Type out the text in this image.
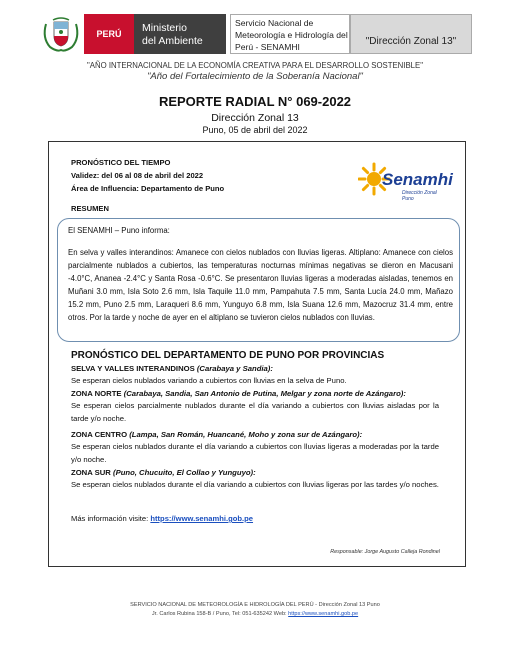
PERÚ	Ministerio
del Ambiente
Servicio Nacional de
Meteorología e Hidrología del
Perú - SENAMHI	"Dirección Zonal 13"
"AÑO INTERNACIONAL DE LA ECONOMÍA CREATIVA PARA EL DESARROLLO SOSTENIBLE"
"Año del Fortalecimiento de la Soberanía Nacional"
REPORTE RADIAL N° 069-2022
Dirección Zonal 13
Puno, 05 de abril del 2022
PRONÓSTICO DEL TIEMPO
Validez: del 06 al 08 de abril del 2022
Área de Influencia: Departamento de Puno
RESUMEN
Senamhi
Dirección Zonal Puno
El SENAMHI – Puno informa:
En selva y valles interandinos: Amanece con cielos nublados con lluvias ligeras. Altiplano: Amanece con cielos parcialmente nublados a cubiertos, las temperaturas nocturnas mínimas negativas se dieron en Macusani -4.0°C, Ananea -2.4°C y Santa Rosa -0.6°C. Se presentaron lluvias ligeras a moderadas aisladas, tenemos en Muñani 3.0 mm, Isla Soto 2.6 mm, Isla Taquile 11.0 mm, Pampahuta 7.5 mm, Santa Lucía 24.0 mm, Mañazo 15.2 mm, Puno 2.5 mm, Laraqueri 8.6 mm, Yunguyo 6.8 mm, Isla Suana 12.6 mm, Mazocruz 31.4 mm, entre otros. Por la tarde y noche de ayer en el altiplano se tuvieron cielos nublados con lluvias.
PRONÓSTICO DEL DEPARTAMENTO DE PUNO POR PROVINCIAS
SELVA Y VALLES INTERANDINOS (Carabaya y Sandia):
Se esperan cielos nublados variando a cubiertos con lluvias en la selva de Puno.
ZONA NORTE (Carabaya, Sandia, San Antonio de Putina, Melgar y zona norte de Azángaro):
Se esperan cielos parcialmente nublados durante el día variando a cubiertos con lluvias aisladas por la tarde y/o noche.
ZONA CENTRO (Lampa, San Román, Huancané, Moho y zona sur de Azángaro):
Se esperan cielos nublados durante el día variando a cubiertos con lluvias ligeras a moderadas por la tarde y/o noche.
ZONA SUR (Puno, Chucuito, El Collao y Yunguyo):
Se esperan cielos nublados durante el día variando a cubiertos con lluvias ligeras por las tardes y/o noches.
Más información visite: https://www.senamhi.gob.pe
Responsable: Jorge Augusto Calleja Rondinel
SERVICIO NACIONAL DE METEOROLOGÍA E HIDROLOGÍA DEL PERÚ - Dirección Zonal 13 Puno
Jr. Carlos Rubina 158-B / Puno, Tel: 051-635242 Web: https://www.senamhi.gob.pe
